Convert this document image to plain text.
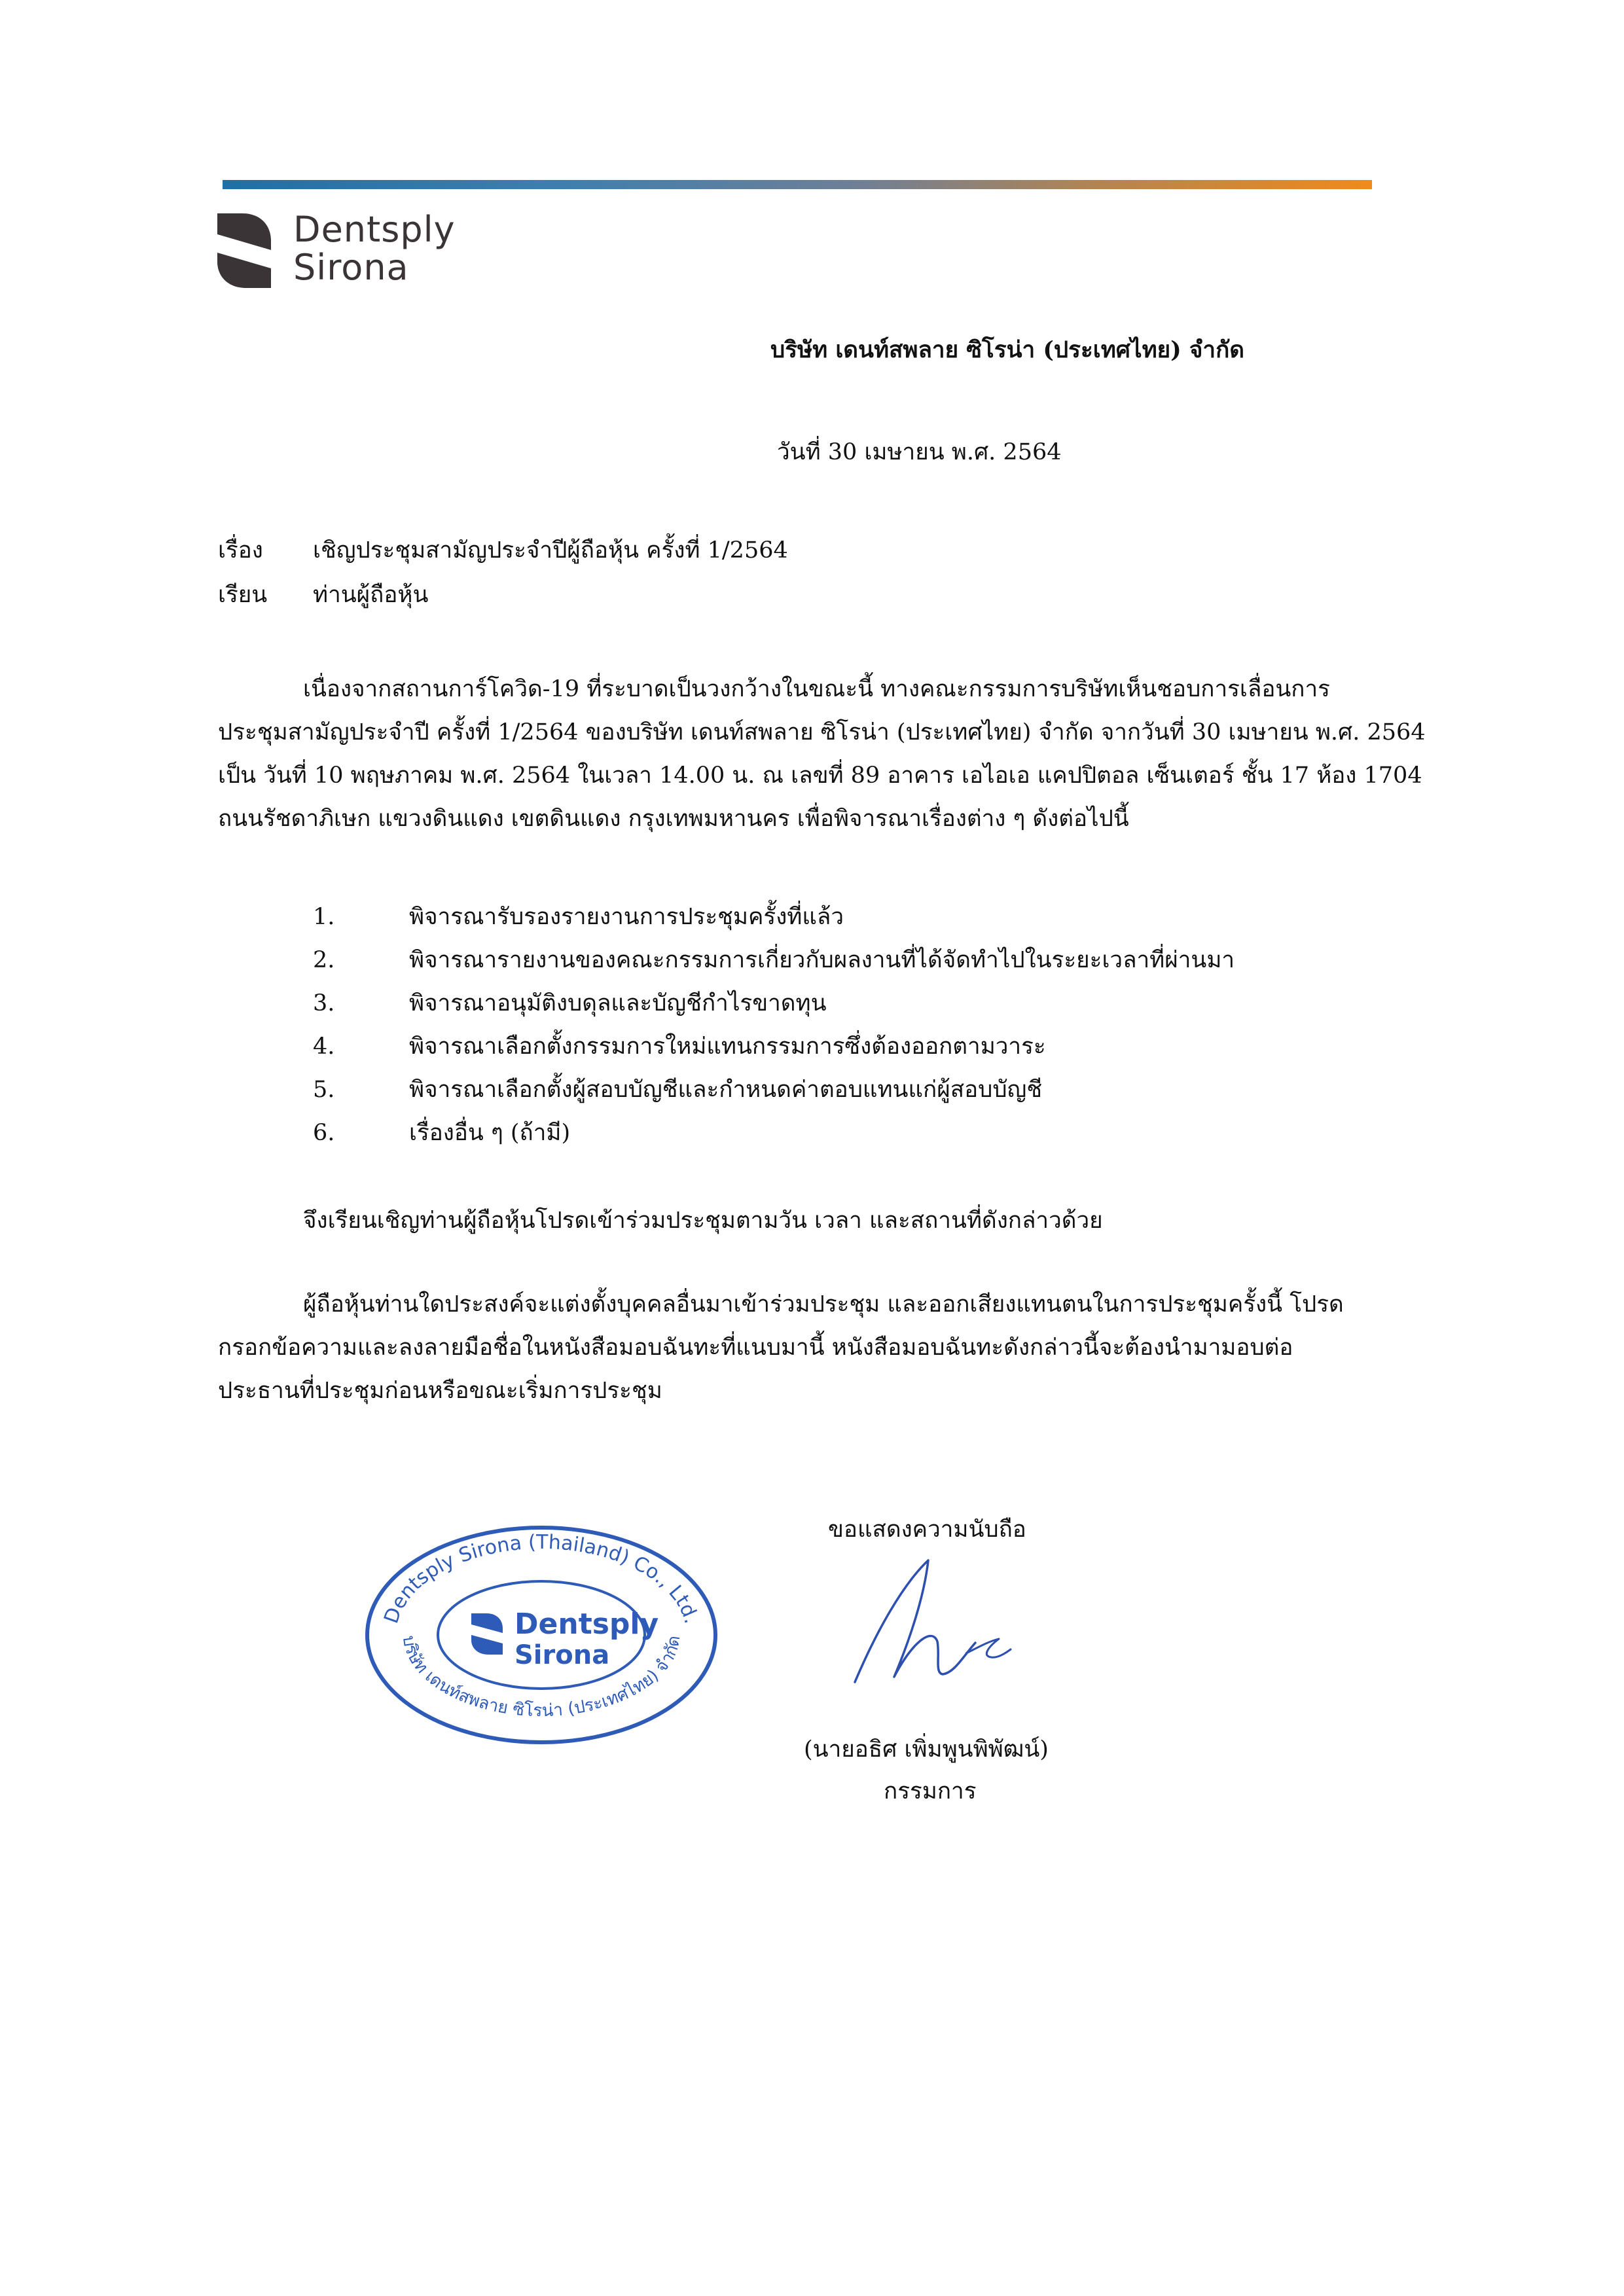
Dentsply
Sirona
บริษัท เดนท์สพลาย ซิโรน่า (ประเทศไทย) จำกัด
วันที่ 30 เมษายน พ.ศ. 2564
เรื่อง เชิญประชุมสามัญประจำปีผู้ถือหุ้น ครั้งที่ 1/2564
เรียน ท่านผู้ถือหุ้น
เนื่องจากสถานการ์โควิด-19 ที่ระบาดเป็นวงกว้างในขณะนี้ ทางคณะกรรมการบริษัทเห็นชอบการเลื่อนการ
ประชุมสามัญประจำปี ครั้งที่ 1/2564 ของบริษัท เดนท์สพลาย ซิโรน่า (ประเทศไทย) จำกัด จากวันที่ 30 เมษายน พ.ศ. 2564
เป็น วันที่ 10 พฤษภาคม พ.ศ. 2564 ในเวลา 14.00 น. ณ เลขที่ 89 อาคาร เอไอเอ แคปปิตอล เซ็นเตอร์ ชั้น 17 ห้อง 1704
ถนนรัชดาภิเษก แขวงดินแดง เขตดินแดง กรุงเทพมหานคร เพื่อพิจารณาเรื่องต่าง ๆ ดังต่อไปนี้
1.	พิจารณารับรองรายงานการประชุมครั้งที่แล้ว
2.	พิจารณารายงานของคณะกรรมการเกี่ยวกับผลงานที่ได้จัดทำไปในระยะเวลาที่ผ่านมา
3.	พิจารณาอนุมัติงบดุลและบัญชีกำไรขาดทุน
4.	พิจารณาเลือกตั้งกรรมการใหม่แทนกรรมการซึ่งต้องออกตามวาระ
5.	พิจารณาเลือกตั้งผู้สอบบัญชีและกำหนดค่าตอบแทนแก่ผู้สอบบัญชี
6.	เรื่องอื่น ๆ (ถ้ามี)
จึงเรียนเชิญท่านผู้ถือหุ้นโปรดเข้าร่วมประชุมตามวัน เวลา และสถานที่ดังกล่าวด้วย
ผู้ถือหุ้นท่านใดประสงค์จะแต่งตั้งบุคคลอื่นมาเข้าร่วมประชุม และออกเสียงแทนตนในการประชุมครั้งนี้ โปรด
กรอกข้อความและลงลายมือชื่อในหนังสือมอบฉันทะที่แนบมานี้ หนังสือมอบฉันทะดังกล่าวนี้จะต้องนำมามอบต่อ
ประธานที่ประชุมก่อนหรือขณะเริ่มการประชุม
Dentsply Sirona (Thailand) Co., Ltd.
บริษัท เดนท์สพลาย ซิโรน่า (ประเทศไทย) จำกัด
Dentsply
Sirona
ขอแสดงความนับถือ
(นายอธิศ เพิ่มพูนพิพัฒน์)
กรรมการ
